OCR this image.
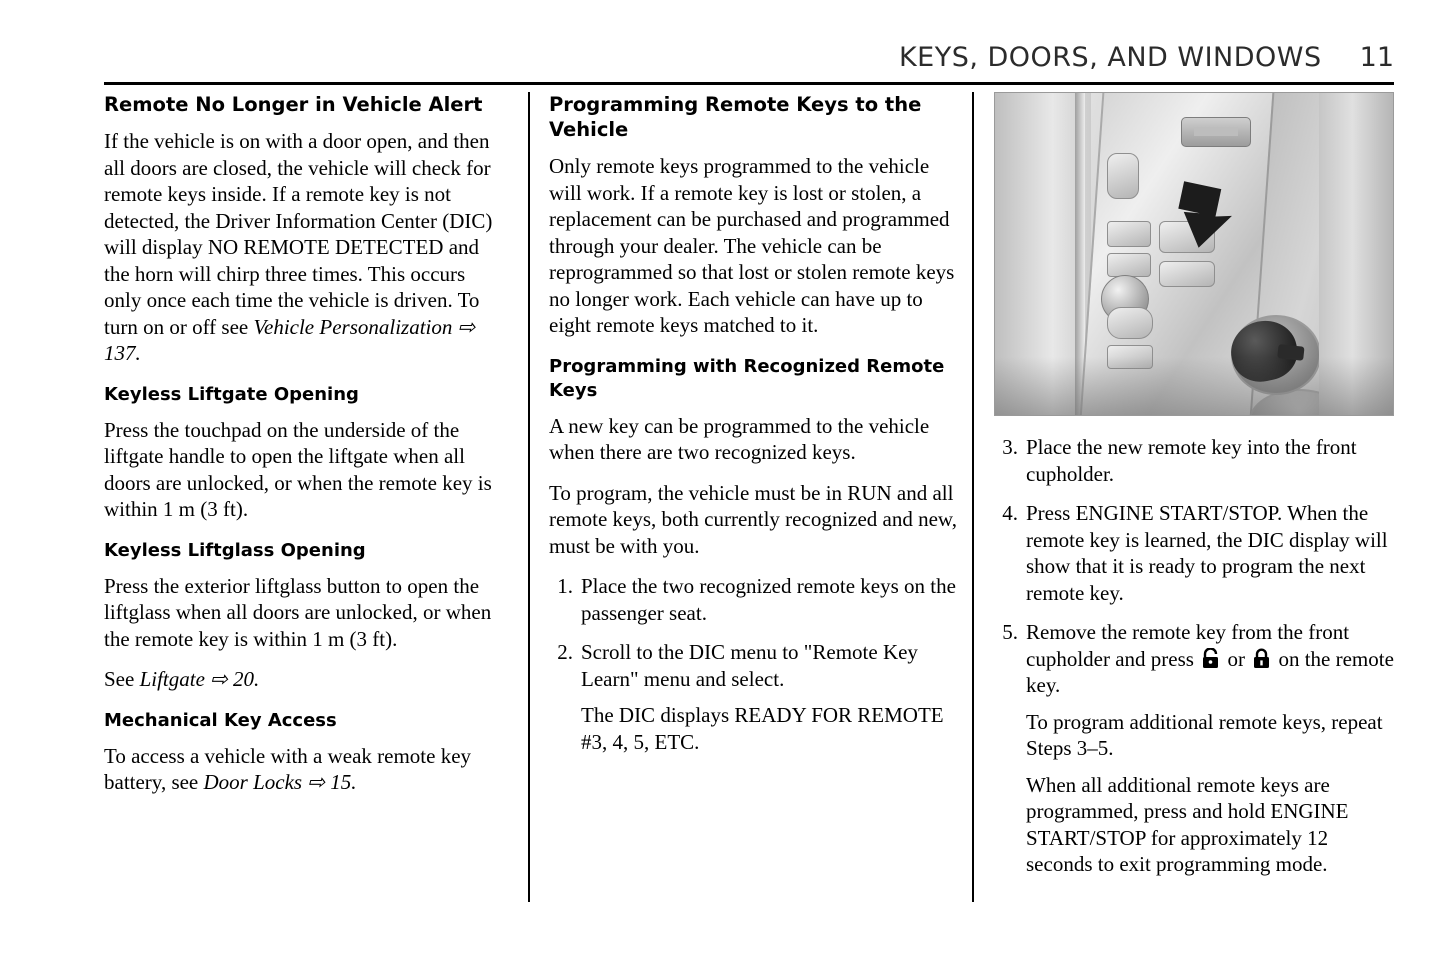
KEYS, DOORS, AND WINDOWS 11
Remote No Longer in Vehicle Alert

If the vehicle is on with a door open, and then all doors are closed, the vehicle will check for remote keys inside. If a remote key is not detected, the Driver Information Center (DIC) will display NO REMOTE DETECTED and the horn will chirp three times. This occurs only once each time the vehicle is driven. To turn on or off see Vehicle Personalization ⇨ 137.

Keyless Liftgate Opening

Press the touchpad on the underside of the liftgate handle to open the liftgate when all doors are unlocked, or when the remote key is within 1 m (3 ft).

Keyless Liftglass Opening

Press the exterior liftglass button to open the liftglass when all doors are unlocked, or when the remote key is within 1 m (3 ft).

See Liftgate ⇨ 20.

Mechanical Key Access

To access a vehicle with a weak remote key battery, see Door Locks ⇨ 15.

Programming Remote Keys to the Vehicle

Only remote keys programmed to the vehicle will work. If a remote key is lost or stolen, a replacement can be purchased and programmed through your dealer. The vehicle can be reprogrammed so that lost or stolen remote keys no longer work. Each vehicle can have up to eight remote keys matched to it.

Programming with Recognized Remote Keys

A new key can be programmed to the vehicle when there are two recognized keys.

To program, the vehicle must be in RUN and all remote keys, both currently recognized and new, must be with you.

1. Place the two recognized remote keys on the passenger seat.
2. Scroll to the DIC menu to "Remote Key Learn" menu and select.
The DIC displays READY FOR REMOTE #3, 4, 5, ETC.
3. Place the new remote key into the front cupholder.
4. Press ENGINE START/STOP. When the remote key is learned, the DIC display will show that it is ready to program the next remote key.
5. Remove the remote key from the front cupholder and press  or  on the remote key.
To program additional remote keys, repeat Steps 3–5.
When all additional remote keys are programmed, press and hold ENGINE START/STOP for approximately 12 seconds to exit programming mode.
